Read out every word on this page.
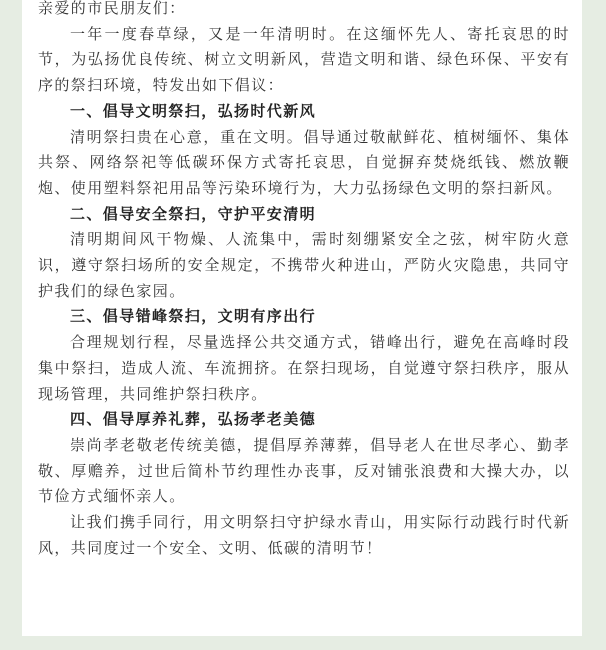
亲爱的市民朋友们：

一年一度春草绿，又是一年清明时。在这缅怀先人、寄托哀思的时节，为弘扬优良传统、树立文明新风，营造文明和谐、绿色环保、平安有序的祭扫环境，特发出如下倡议：

一、倡导文明祭扫，弘扬时代新风

清明祭扫贵在心意，重在文明。倡导通过敬献鲜花、植树缅怀、集体共祭、网络祭祀等低碳环保方式寄托哀思，自觉摒弃焚烧纸钱、燃放鞭炮、使用塑料祭祀用品等污染环境行为，大力弘扬绿色文明的祭扫新风。

二、倡导安全祭扫，守护平安清明

清明期间风干物燥、人流集中，需时刻绷紧安全之弦，树牢防火意识，遵守祭扫场所的安全规定，不携带火种进山，严防火灾隐患，共同守护我们的绿色家园。

三、倡导错峰祭扫，文明有序出行

合理规划行程，尽量选择公共交通方式，错峰出行，避免在高峰时段集中祭扫，造成人流、车流拥挤。在祭扫现场，自觉遵守祭扫秩序，服从现场管理，共同维护祭扫秩序。

四、倡导厚养礼葬，弘扬孝老美德

崇尚孝老敬老传统美德，提倡厚养薄葬，倡导老人在世尽孝心、勤孝敬、厚赡养，过世后简朴节约理性办丧事，反对铺张浪费和大操大办，以节俭方式缅怀亲人。

让我们携手同行，用文明祭扫守护绿水青山，用实际行动践行时代新风，共同度过一个安全、文明、低碳的清明节！
